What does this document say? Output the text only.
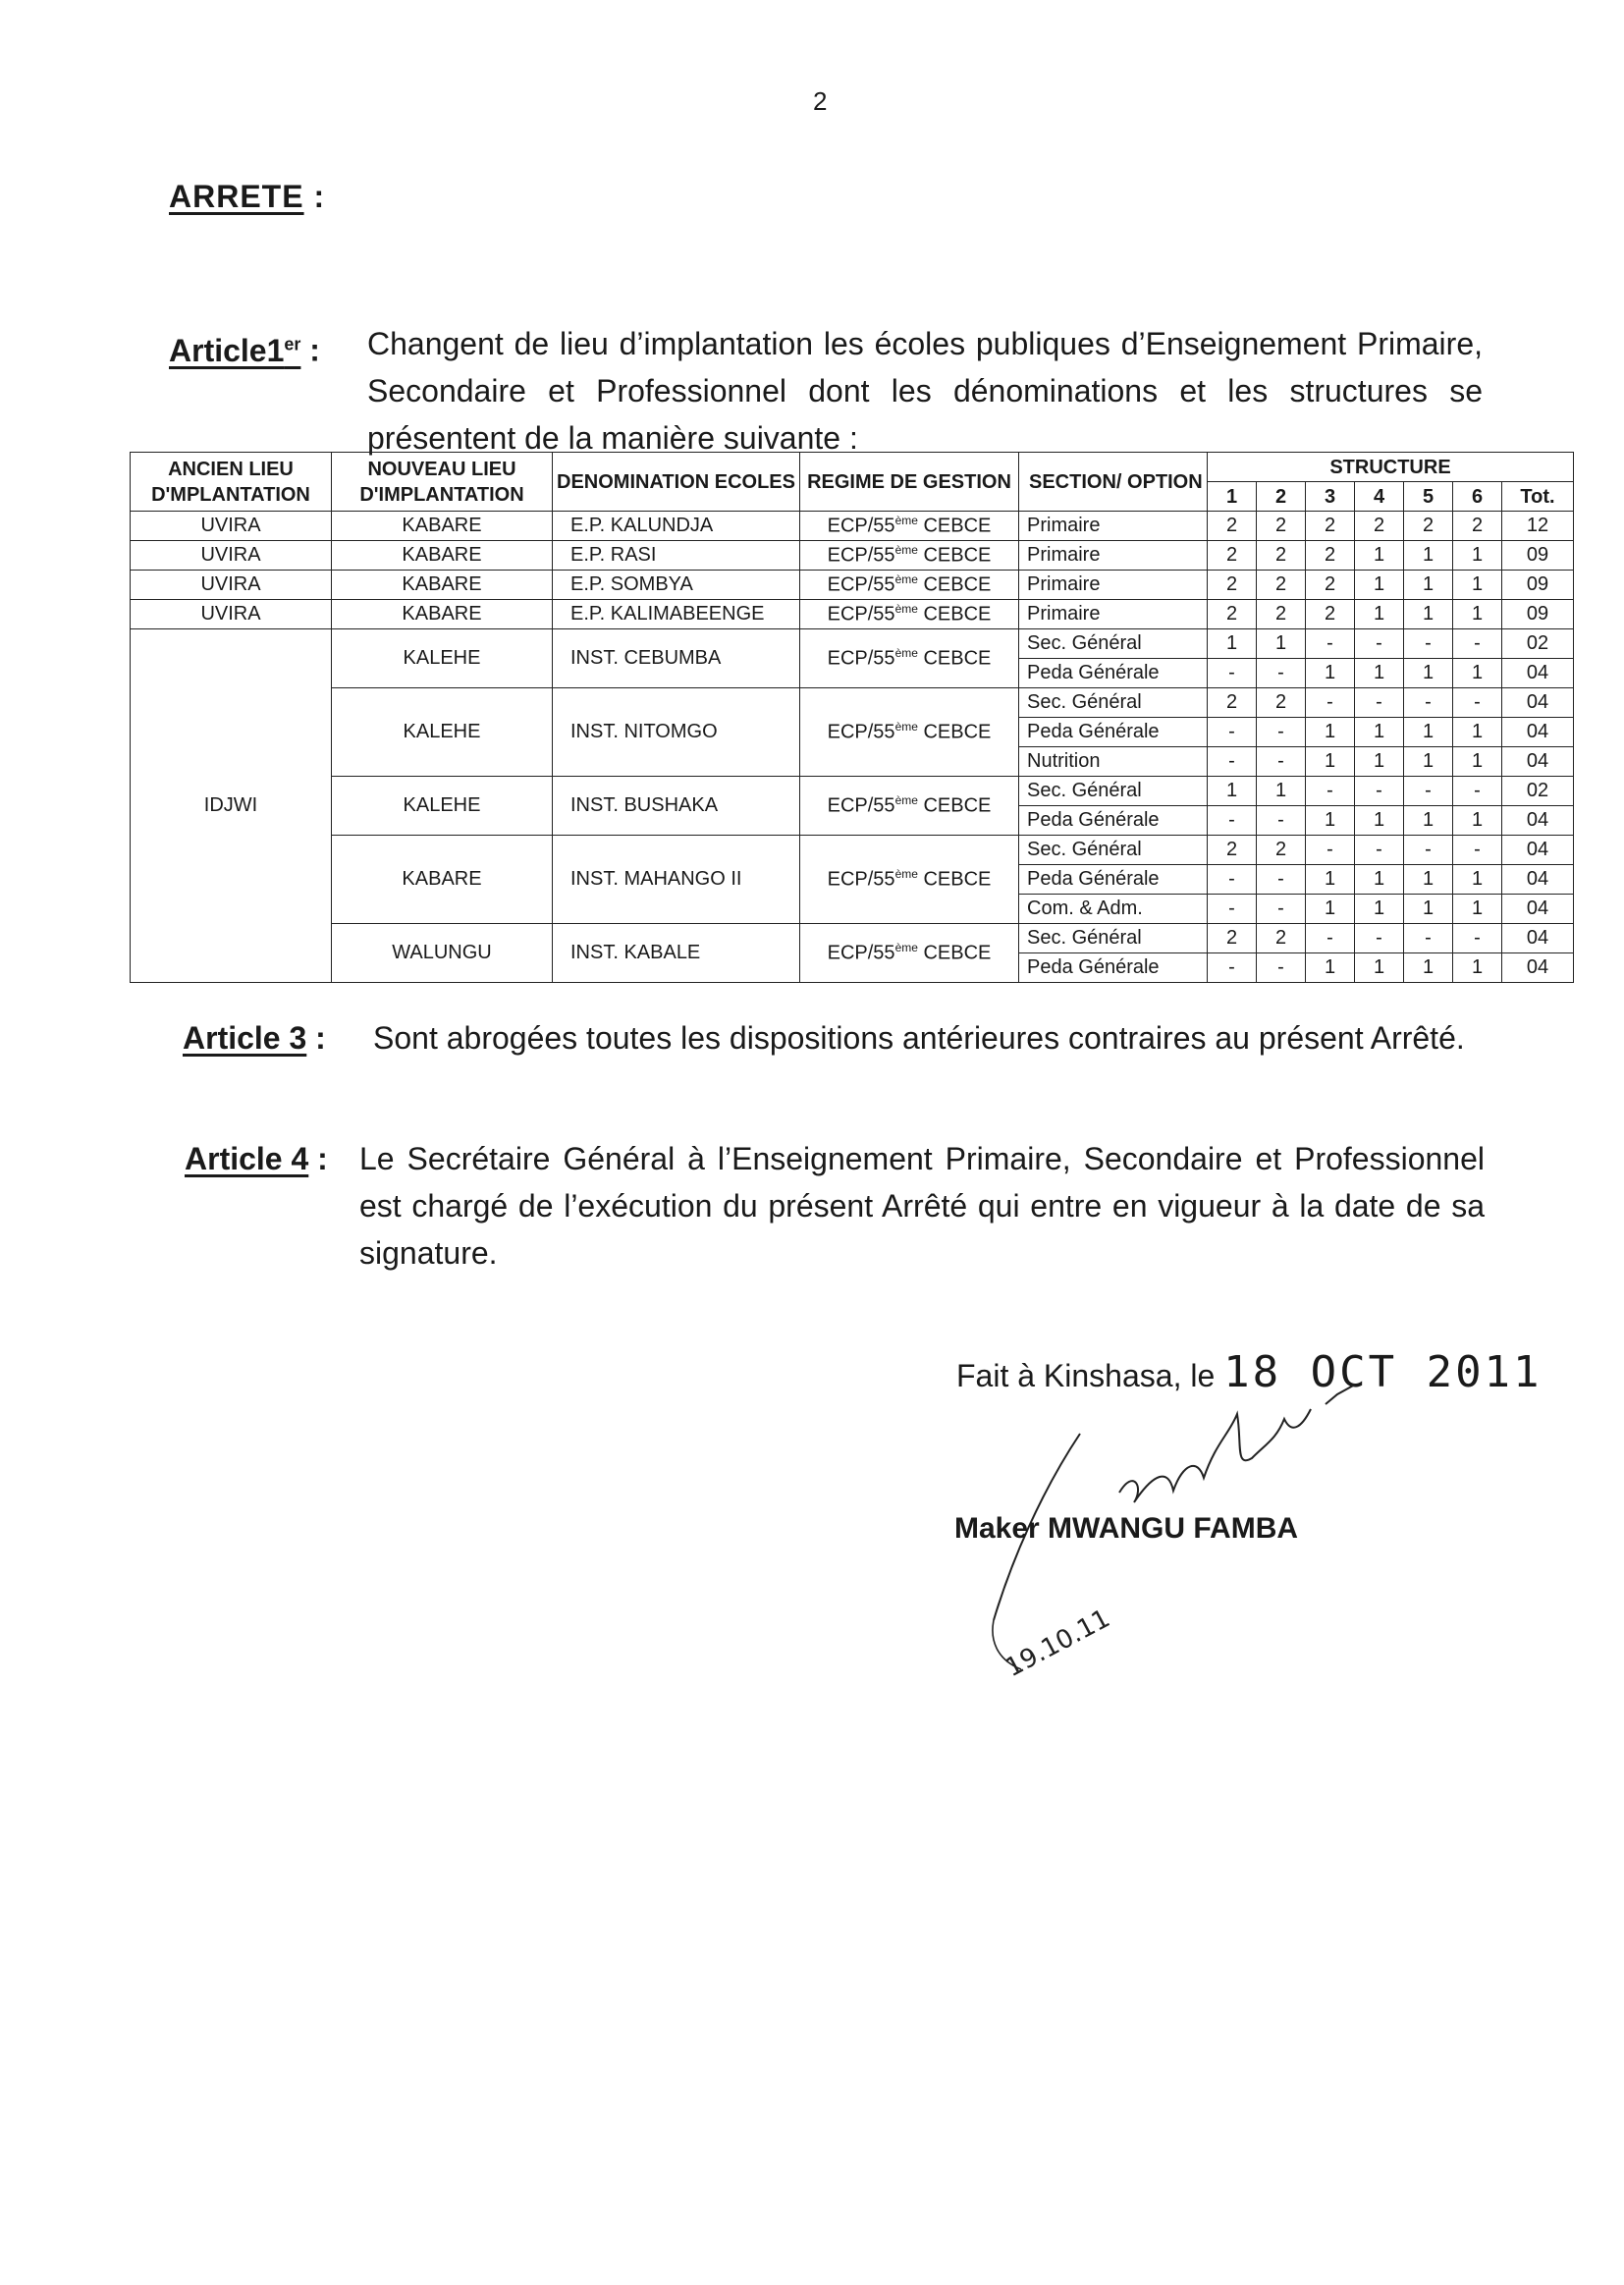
2
ARRETE :
Article1er : Changent de lieu d’implantation les écoles publiques d’Enseignement Primaire, Secondaire et Professionnel dont les dénominations et les structures se présentent de la manière suivante :
ANCIEN LIEU D'MPLANTATION	NOUVEAU LIEU D'IMPLANTATION	DENOMINATION ECOLES	REGIME DE GESTION	SECTION/ OPTION	STRUCTURE						
					1	2	3	4	5	6	Tot.
UVIRA	KABARE	E.P. KALUNDJA	ECP/55ème CEBCE	Primaire	2	2	2	2	2	2	12
UVIRA	KABARE	E.P. RASI	ECP/55ème CEBCE	Primaire	2	2	2	1	1	1	09
UVIRA	KABARE	E.P. SOMBYA	ECP/55ème CEBCE	Primaire	2	2	2	1	1	1	09
UVIRA	KABARE	E.P. KALIMABEENGE	ECP/55ème CEBCE	Primaire	2	2	2	1	1	1	09
IDJWI	KALEHE	INST. CEBUMBA	ECP/55ème CEBCE	Sec. Général	1	1	-	-	-	-	02
				Peda Générale	-	-	1	1	1	1	04
	KALEHE	INST. NITOMGO	ECP/55ème CEBCE	Sec. Général	2	2	-	-	-	-	04
				Peda Générale	-	-	1	1	1	1	04
				Nutrition	-	-	1	1	1	1	04
	KALEHE	INST. BUSHAKA	ECP/55ème CEBCE	Sec. Général	1	1	-	-	-	-	02
				Peda Générale	-	-	1	1	1	1	04
	KABARE	INST. MAHANGO II	ECP/55ème CEBCE	Sec. Général	2	2	-	-	-	-	04
				Peda Générale	-	-	1	1	1	1	04
				Com. & Adm.	-	-	1	1	1	1	04
	WALUNGU	INST. KABALE	ECP/55ème CEBCE	Sec. Général	2	2	-	-	-	-	04
				Peda Générale	-	-	1	1	1	1	04
Article 3 : Sont abrogées toutes les dispositions antérieures contraires au présent Arrêté.
Article 4 : Le Secrétaire Général à l’Enseignement Primaire, Secondaire et Professionnel est chargé de l’exécution du présent Arrêté qui entre en vigueur à la date de sa signature.
Fait à Kinshasa, le 18 OCT 2011
19.10.11
Maker MWANGU FAMBA
